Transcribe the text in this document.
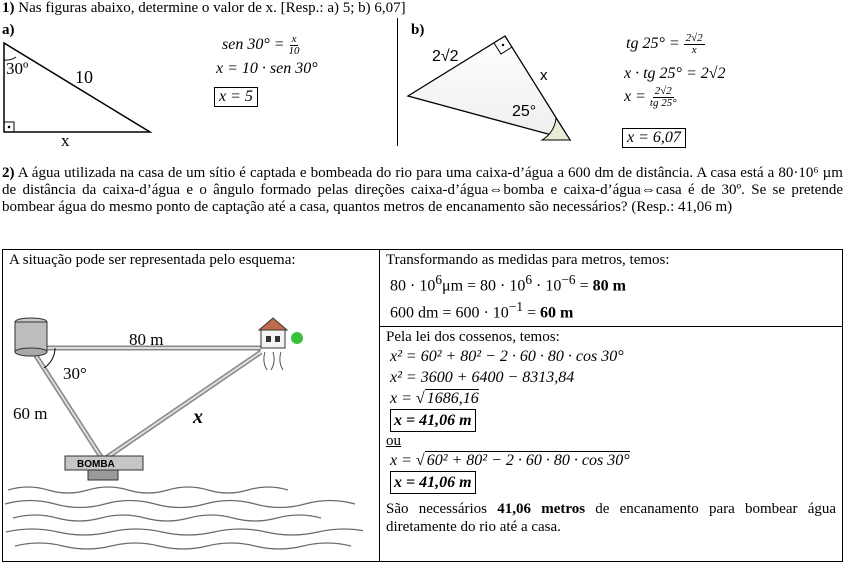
1) Nas figuras abaixo, determine o valor de x. [Resp.: a) 5; b) 6,07]
a)
30º	10
x
sen $30^\circ = \frac{x}{10}$
x = 10 · sen 30°
x = 5
b)
2√2
x
25°
tg $25^\circ = \frac{2√2}{x}$
x · tg 25° = 2√2
$x = \frac{2√2}{tg 25^\circ}$
x = 6,07
2) A água utilizada na casa de um sítio é captada e bombeada do rio para uma caixa-d’água a 600 dm de distância. A casa está a 80·10⁶ µm de distância da caixa-d’água e o ângulo formado pelas direções caixa-d’água⇔bomba e caixa-d’água⇔casa é de 30º. Se se pretende bombear água do mesmo ponto de captação até a casa, quantos metros de encanamento são necessários? (Resp.: 41,06 m)
A situação pode ser representada pelo esquema:
80 m
30°
60 m	x
BOMBA

Transformando as medidas para metros, temos:
$80 \cdot 10^6\mu m = 80 \cdot 10^6 \cdot 10^{-6} = 80$ m
600 dm = $600 \cdot 10^{-1} = 60$ m

Pela lei dos cossenos, temos:
x² = 60² + 80² − 2 · 60 · 80 · cos 30°
x² = 3600 + 6400 − 8313,84
x = √ 1686,16
x = 41,06 m
ou
x = √ 60² + 80² − 2 · 60 · 80 · cos 30°
x = 41,06 m
São necessários 41,06 metros de encanamento para bombear água diretamente do rio até a casa.
